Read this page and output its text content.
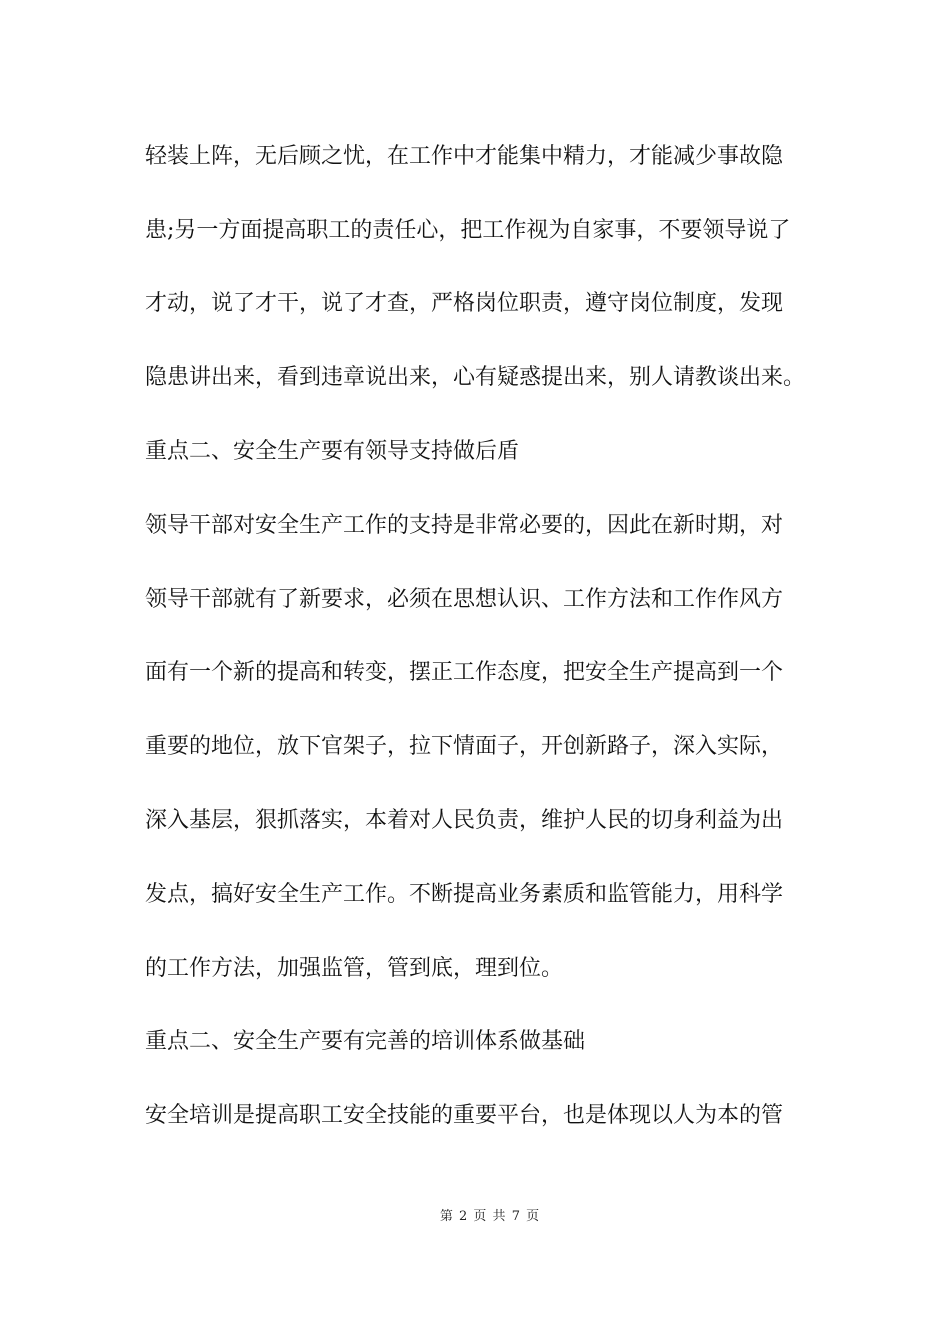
轻装上阵，无后顾之忧，在工作中才能集中精力，才能减少事故隐
患;另一方面提高职工的责任心，把工作视为自家事，不要领导说了
才动，说了才干，说了才查，严格岗位职责，遵守岗位制度，发现
隐患讲出来，看到违章说出来，心有疑惑提出来，别人请教谈出来。
重点二、安全生产要有领导支持做后盾
领导干部对安全生产工作的支持是非常必要的，因此在新时期，对
领导干部就有了新要求，必须在思想认识、工作方法和工作作风方
面有一个新的提高和转变，摆正工作态度，把安全生产提高到一个
重要的地位，放下官架子，拉下情面子，开创新路子，深入实际，
深入基层，狠抓落实，本着对人民负责，维护人民的切身利益为出
发点，搞好安全生产工作。不断提高业务素质和监管能力，用科学
的工作方法，加强监管，管到底，理到位。
重点二、安全生产要有完善的培训体系做基础
安全培训是提高职工安全技能的重要平台，也是体现以人为本的管
第 2 页 共 7 页
